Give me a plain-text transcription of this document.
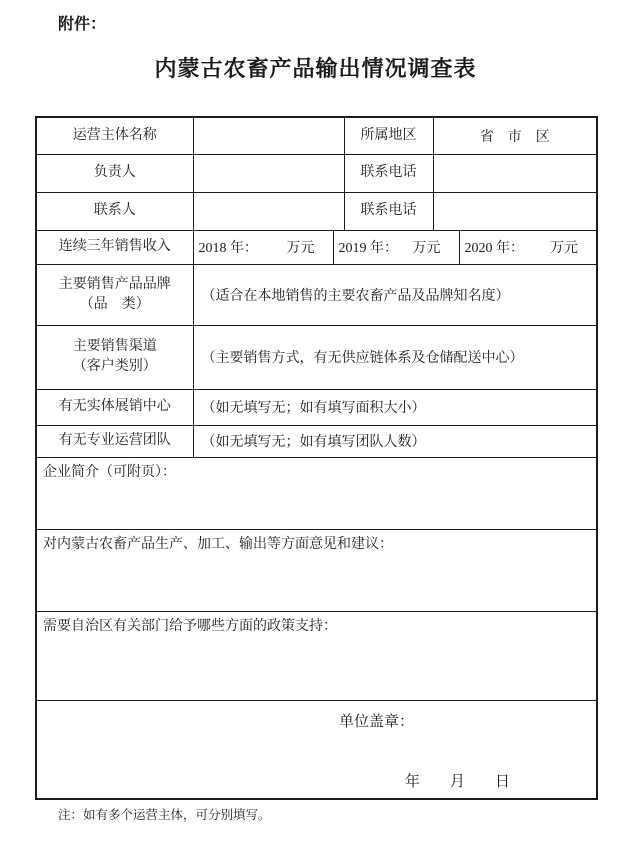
附件：
内蒙古农畜产品输出情况调查表
运营主体名称			所属地区	省　市　区	
负责人			联系电话		
联系人			联系电话		
连续三年销售收入	2018 年： 万元	2019 年： 万元			2020 年： 万元

主要销售产品品牌
（品　类）	（适合在本地销售的主要农畜产品及品牌知名度）				

主要销售渠道
（客户类别）	（主要销售方式，有无供应链体系及仓储配送中心）				
有无实体展销中心	（如无填写无；如有填写面积大小）				
有无专业运营团队	（如无填写无；如有填写团队人数）				
企业简介（可附页）：					
对内蒙古农畜产品生产、加工、输出等方面意见和建议：					
需要自治区有关部门给予哪些方面的政策支持：					

单位盖章：
年　　月　　日					
注：如有多个运营主体，可分别填写。
